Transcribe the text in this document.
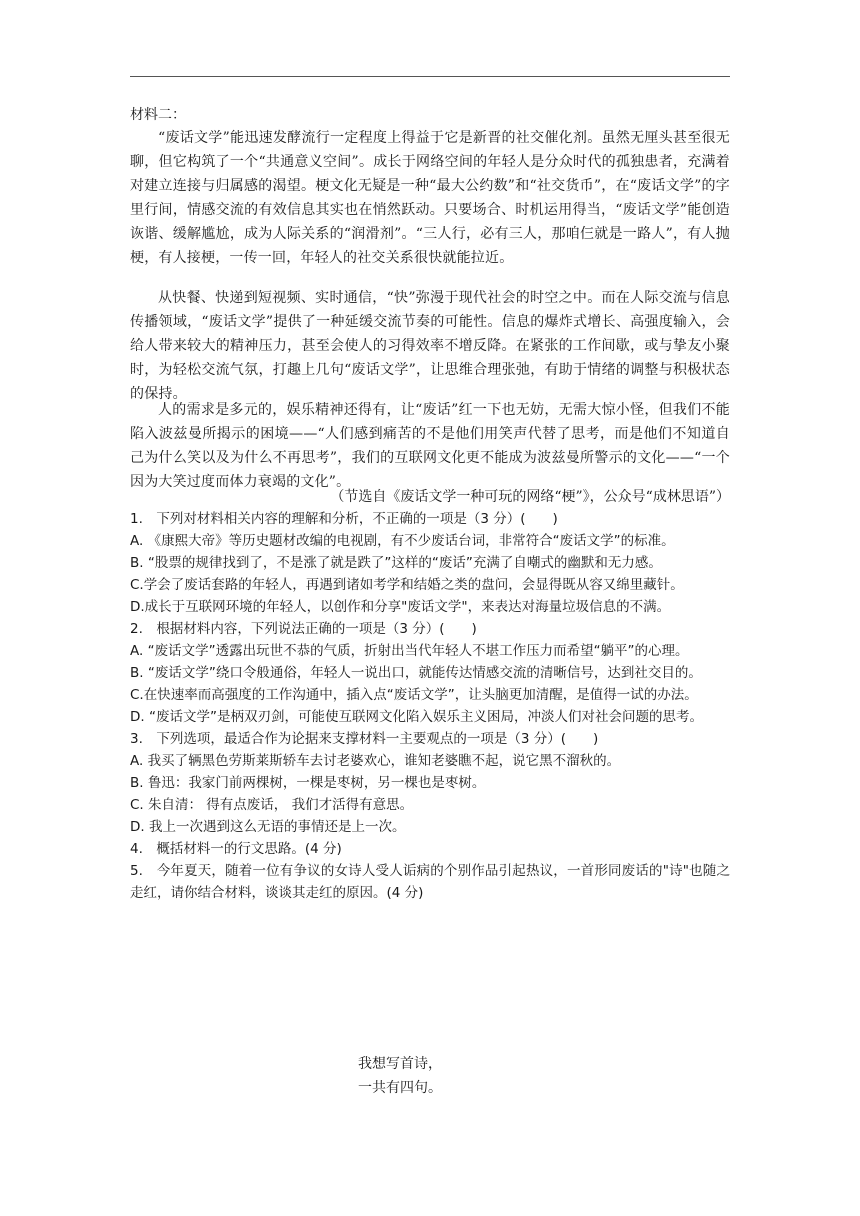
材料二：
“废话文学”能迅速发酵流行一定程度上得益于它是新晋的社交催化剂。虽然无厘头甚至很无聊，但它构筑了一个“共通意义空间”。成长于网络空间的年轻人是分众时代的孤独患者，充满着对建立连接与归属感的渴望。梗文化无疑是一种“最大公约数”和“社交货币”，在“废话文学”的字里行间，情感交流的有效信息其实也在悄然跃动。只要场合、时机运用得当，“废话文学”能创造诙谐、缓解尴尬，成为人际关系的“润滑剂”。“三人行，必有三人，那咱仨就是一路人”，有人抛梗，有人接梗，一传一回，年轻人的社交关系很快就能拉近。
从快餐、快递到短视频、实时通信，“快”弥漫于现代社会的时空之中。而在人际交流与信息传播领域，“废话文学”提供了一种延缓交流节奏的可能性。信息的爆炸式增长、高强度输入，会给人带来较大的精神压力，甚至会使人的习得效率不增反降。在紧张的工作间歇，或与挚友小聚时，为轻松交流气氛，打趣上几句“废话文学”，让思维合理张弛，有助于情绪的调整与积极状态的保持。
人的需求是多元的，娱乐精神还得有，让“废话”红一下也无妨，无需大惊小怪，但我们不能陷入波兹曼所揭示的困境——“人们感到痛苦的不是他们用笑声代替了思考，而是他们不知道自己为什么笑以及为什么不再思考”，我们的互联网文化更不能成为波兹曼所警示的文化——“一个因为大笑过度而体力衰竭的文化”。
（节选自《废话文学一种可玩的网络“梗”》，公众号“成林思语”）
1.　下列对材料相关内容的理解和分析，不正确的一项是（3 分）(　　)
A. 《康熙大帝》等历史题材改编的电视剧，有不少废话台词，非常符合“废话文学”的标准。
B. “股票的规律找到了，不是涨了就是跌了”这样的“废话”充满了自嘲式的幽默和无力感。
C.学会了废话套路的年轻人，再遇到诸如考学和结婚之类的盘问，会显得既从容又绵里藏针。
D.成长于互联网环境的年轻人，以创作和分享"废话文学"，来表达对海量垃圾信息的不满。
2.　根据材料内容，下列说法正确的一项是（3 分）(　　)
A. “废话文学”透露出玩世不恭的气质，折射出当代年轻人不堪工作压力而希望“躺平”的心理。
B. “废话文学”绕口令般通俗，年轻人一说出口，就能传达情感交流的清晰信号，达到社交目的。
C.在快速率而高强度的工作沟通中，插入点“废话文学”，让头脑更加清醒，是值得一试的办法。
D. “废话文学”是柄双刃剑，可能使互联网文化陷入娱乐主义困局，冲淡人们对社会问题的思考。
3.　下列选项，最适合作为论据来支撑材料一主要观点的一项是（3 分）(　　)
A. 我买了辆黑色劳斯莱斯轿车去讨老婆欢心，谁知老婆瞧不起，说它黑不溜秋的。
B. 鲁迅：我家门前两棵树，一棵是枣树，另一棵也是枣树。
C. 朱自清： 得有点废话， 我们才活得有意思。
D. 我上一次遇到这么无语的事情还是上一次。
4.　概括材料一的行文思路。(4 分)
5.　今年夏天，随着一位有争议的女诗人受人诟病的个别作品引起热议，一首形同废话的"诗"也随之走红，请你结合材料，谈谈其走红的原因。(4 分)
我想写首诗，
一共有四句。
